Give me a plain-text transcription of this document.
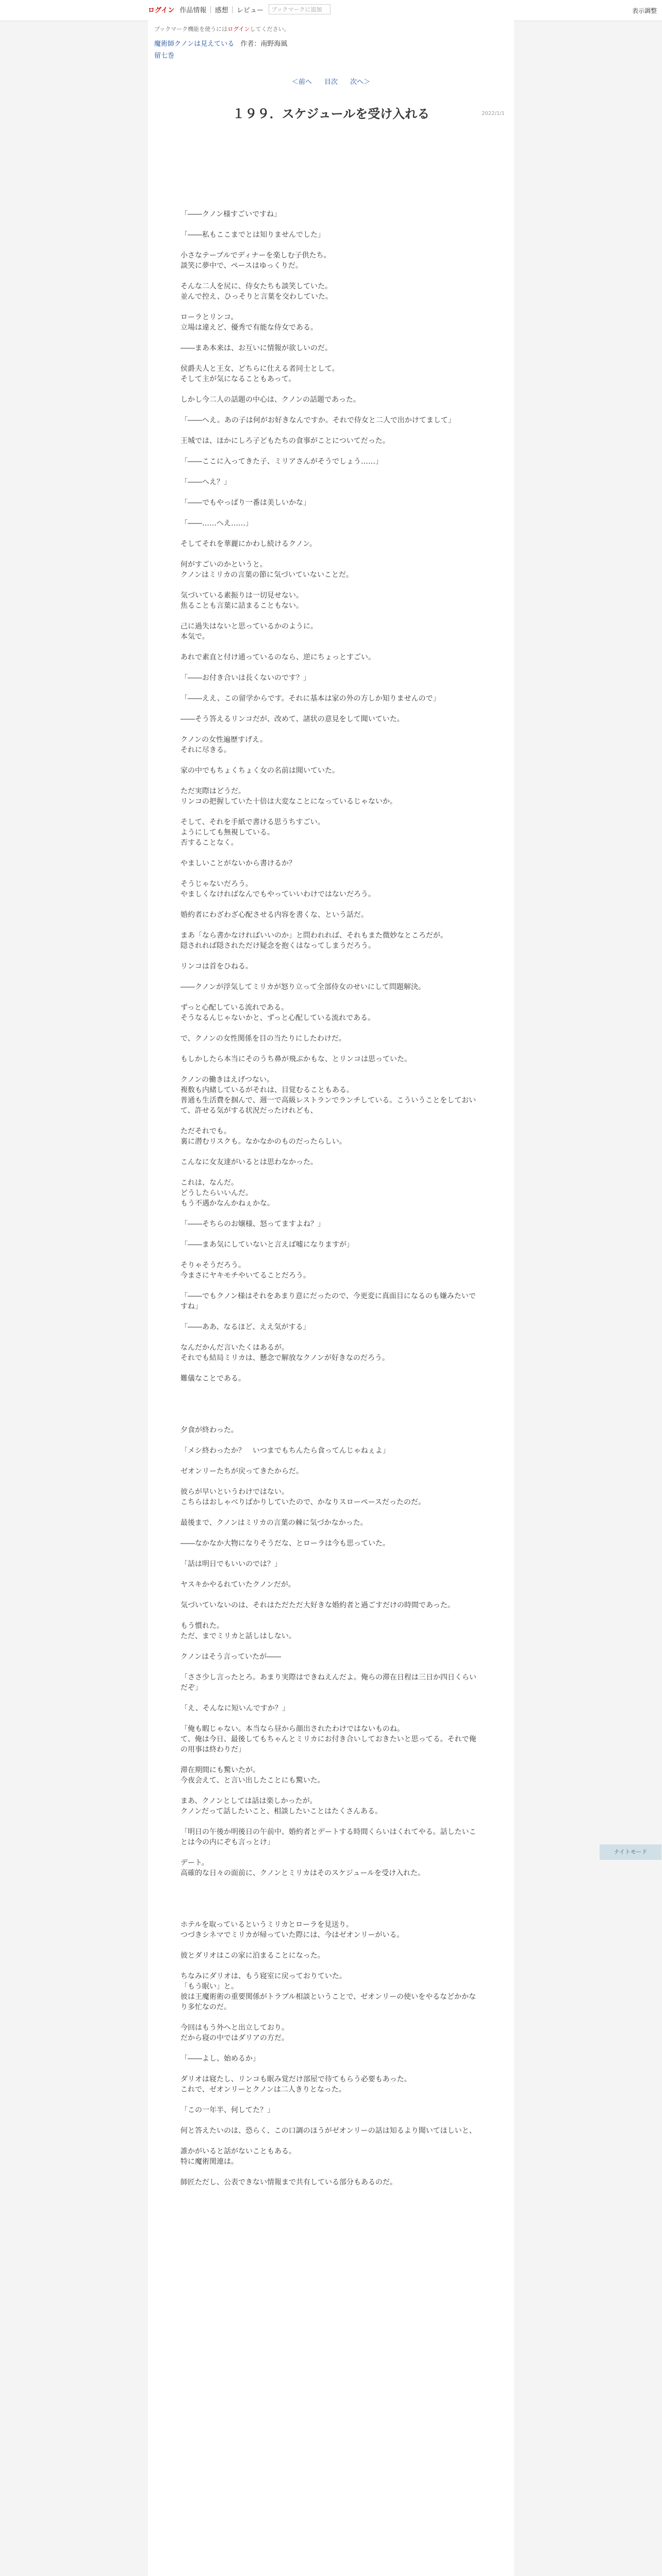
ログイン 作品情報 | 感想 | レビュー	ブックマークに追加	表示調整
ブックマーク機能を使うにはログインしてください。
魔術師クノンは見えている 作者：南野海風
留七巻
＜前へ 目次 次へ＞
2022/1/1
１９９．スケジュールを受け入れる

「――クノン様すごいですね」

「――私もここまでとは知りませんでした」

小さなテーブルでディナーを楽しむ子供たち。

談笑に夢中で、ペースはゆっくりだ。

そんな二人を尻に、侍女たちも談笑していた。

並んで控え、ひっそりと言葉を交わしていた。

ローラとリンコ。

立場は違えど、優秀で有能な侍女である。

――まあ本来は、お互いに情報が欲しいのだ。

侯爵夫人と王女、どちらに仕える者同士として。

そして主が気になることもあって。

しかし今二人の話題の中心は、クノンの話題であった。

「――へえ。あの子は何がお好きなんですか。それで侍女と二人で出かけてまして」

王城では、ほかにしろ子どもたちの食事がことについてだった。

「――ここに入ってきた子、ミリアさんがそうでしょう……」

「――へえ？」

「――でもやっぱり一番は美しいかな」

「――……へえ……」

そしてそれを華麗にかわし続けるクノン。

何がすごいのかというと。

クノンはミリカの言葉の節に気づいていないことだ。

気づいている素振りは一切見せない。

焦ることも言葉に詰まることもない。

己に過失はないと思っているかのように。

本気で。

あれで素直と付け通っているのなら、逆にちょっとすごい。

「――お付き合いは長くないのです？」

「――ええ、この留学からです。それに基本は家の外の方しか知りませんので」

――そう答えるリンコだが、改めて、諸状の意見をして聞いていた。

クノンの女性遍歴すげえ。

それに尽きる。

家の中でもちょくちょく女の名前は聞いていた。

ただ実際はどうだ。

リンコの把握していた十倍は大変なことになっているじゃないか。

そして、それを手紙で書ける思うちすごい。

ようにしても無視している。

否することなく。

やましいことがないから書けるか？

そうじゃないだろう。

やましくなければなんでもやっていいわけではないだろう。

婚約者にわざわざ心配させる内容を書くな、という話だ。

まあ「なら書かなければいいのか」と問われれば、それもまた微妙なところだが。

隠されれば隠されただけ疑念を抱くはなってしまうだろう。

リンコは首をひねる。

――クノンが浮気してミリカが怒り立って全部侍女のせいにして問題解決。

ずっと心配している流れである。

そうなるんじゃないかと、ずっと心配している流れである。

で、クノンの女性関係を目の当たりにしたわけだ。

もしかしたら本当にそのうち鼻が飛ぶかもな、とリンコは思っていた。

クノンの働きはえげつない。

複数も内緒しているがそれは、目覚むることもある。

普通も生活費を掴んで、週一で高級レストランでランチしている。こういうことをしておいて、許せる気がする状況だったけれども、

ただそれでも。

裏に潜むリスクも。なかなかのものだったらしい。

こんなに女友達がいるとは思わなかった。

これは、なんだ。

どうしたらいいんだ。

もう不遇かなんかねぇかな。

「――そちらのお嬢様、怒ってますよね？」

「――まあ気にしていないと言えば嘘になりますが」

そりゃそうだろう。

今まさにヤキモチやいてることだろう。

「――でもクノン様はそれをあまり意にだったので、今更変に真面目になるのも嫌みたいですね」

「――ああ、なるほど、ええ気がする」

なんだかんだ言いたくはあるが。

それでも結局ミリカは、懸念で解放なクノンが好きなのだろう。

難儀なことである。

夕食が終わった。

「メシ終わったか？　いつまでもちんたら食ってんじゃねぇよ」

ゼオンリーたちが戻ってきたからだ。

彼らが早いというわけではない。

こちらはおしゃべりばかりしていたので、かなりスローペースだったのだ。

最後まで、クノンはミリカの言葉の棘に気づかなかった。

――なかなか大物になりそうだな、とローラは今も思っていた。

「話は明日でもいいのでは？」

ヤスキかやるれていたクノンだが。

気づいていないのは、それはただただ大好きな婚約者と過ごすだけの時間であった。

もう慣れた。

ただ、までミリカと話しはしない。

クノンはそう言っていたが――

「ささ少し言ったとろ。あまり実際はできねえんだよ。俺らの滞在日程は三日か四日くらいだぞ」

「え、そんなに短いんですか？」

「俺も暇じゃない。本当なら昼から顔出されたわけではないものね。

て、俺は今日、最後してもちゃんとミリカにお付き合いしておきたいと思ってる。それで俺の用事は終わりだ」

滞在期間にも驚いたが。

今夜会えて、と言い出したことにも驚いた。

まあ、クノンとしては話は楽しかったが。

クノンだって話したいこと、相談したいことはたくさんある。

「明日の午後か明後日の午前中、婚約者とデートする時間くらいはくれてやる。話したいことは今の内にぞも言っとけ」

デート。

高確的な日々の面前に、クノンとミリカはそのスケジュールを受け入れた。

ホテルを取っているというミリカとローラを見送り。

つづきシネマでミリカが帰っていた際には、今はゼオンリーがいる。

彼とダリオはこの家に泊まることになった。

ちなみにダリオは、もう寝室に戻っておりていた。

「もう眠い」と。

彼は王魔術術の重要関係がトラブル相談ということで、ゼオンリーの使いをやるなどかかなり多忙なのだ。

今回はもう外へと出立しており。

だから寝の中ではダリアの方だ。

「――よし、始めるか」

ダリオは寝たし、リンコも眠み覚だけ部屋で待てもらう必要もあった。

これで、ゼオンリーとクノンは二人きりとなった。

「この一年半、何してた？」

何と答えたいのは、恐らく、この口調のほうがゼオンリーの話は知るより聞いてほしいと、

誰かがいると話がないこともある。

特に魔術関連は。

師匠ただし、公表できない情報まで共有している部分もあるのだ。

ナイトモード
